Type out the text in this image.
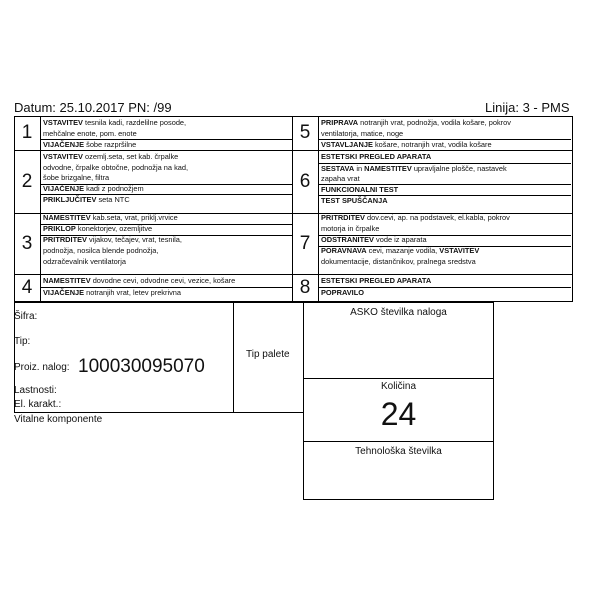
Datum: 25.10.2017 PN: /99	Linija: 3 - PMS
1	VSTAVITEV tesnila kadi, razdelilne posode,
mehčalne enote, pom. enote
VIJAČENJE šobe razpršilne
2
VSTAVITEV ozemlj.seta, set kab. črpalke
odvodne, črpalke obtočne, podnožja na kad,
šobe brizgalne, filtra
VIJAČENJE kadi z podnožjem
PRIKLJUČITEV seta NTC
3
NAMESTITEV kab.seta, vrat, priklj.vrvice
PRIKLOP konektorjev, ozemljitve
PRITRDITEV vijakov, tečajev, vrat, tesnila,
podnožja, nosilca blende podnožja,
odzračevalnik ventilatorja
4	NAMESTITEV dovodne cevi, odvodne cevi, vezice, košare
VIJAČENJE notranjih vrat, letev prekrivna
5	PRIPRAVA notranjih vrat, podnožja, vodila košare, pokrov
ventilatorja, matice, noge
VSTAVLJANJE košare, notranjih vrat, vodila košare
6
ESTETSKI PREGLED APARATA
SESTAVA in NAMESTITEV upravljalne plošče, nastavek
zapaha vrat
FUNKCIONALNI TEST
TEST SPUŠČANJA
7
PRITRDITEV dov.cevi, ap. na podstavek, el.kabla, pokrov
motorja in črpalke
ODSTRANITEV vode iz aparata
PORAVNAVA cevi, mazanje vodila, VSTAVITEV
dokumentacije, distančnikov, pralnega sredstva
8	ESTETSKI PREGLED APARATA
POPRAVILO
Šifra:
Tip:
Proiz. nalog: 100030095070
Lastnosti:
El. karakt.:
Vitalne komponente
Tip palete
ASKO številka naloga
Količina
24
Tehnološka številka
